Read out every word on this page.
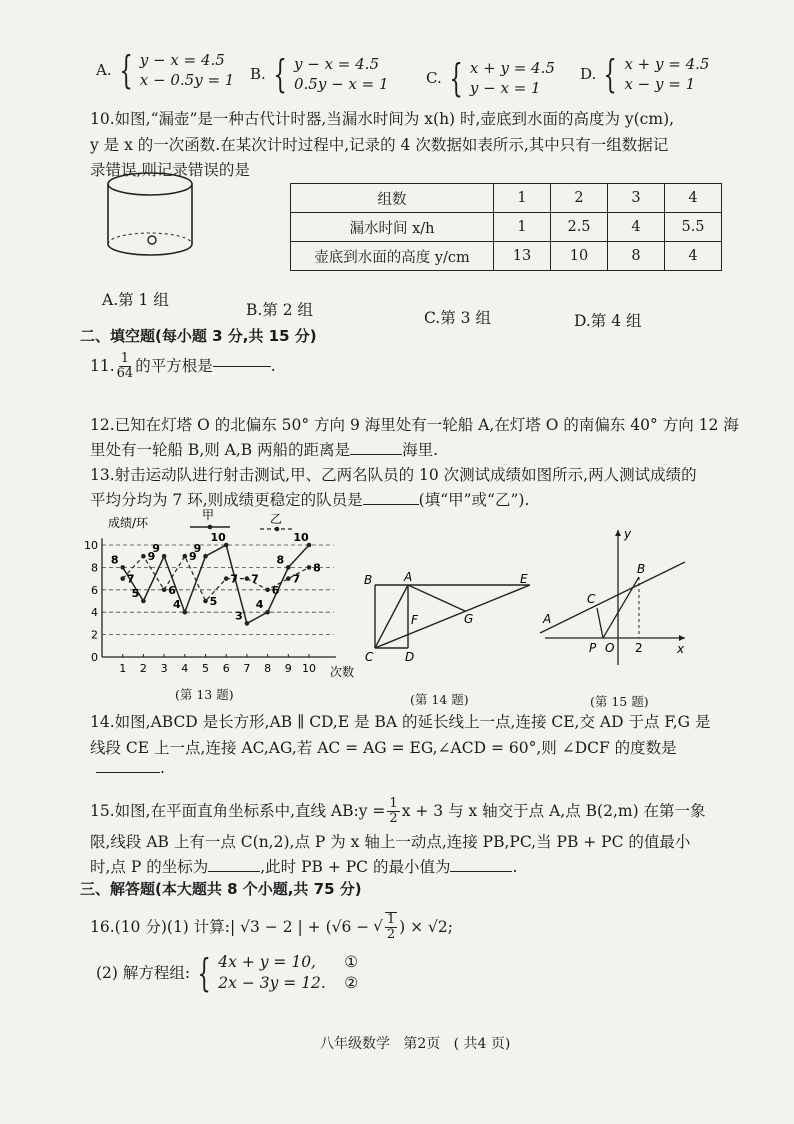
A. { y − x = 4.5
x − 0.5y = 1 B. { y − x = 4.5
0.5y − x = 1 C. { x + y = 4.5
y − x = 1
D. { x + y = 4.5
x − y = 1
10.如图,“漏壶”是一种古代计时器,当漏水时间为 x(h) 时,壶底到水面的高度为 y(cm),
y 是 x 的一次函数.在某次计时过程中,记录的 4 次数据如表所示,其中只有一组数据记
录错误,则记录错误的是
组数	1	2	3	4
漏水时间 x/h	1	2.5	4	5.5
壶底到水面的高度 y/cm	13	10	8	4
A.第 1 组
B.第 2 组	C.第 3 组	D.第 4 组
二、填空题(每小题 3 分,共 15 分)
11. $\frac{1}{64}$ 的平方根是	.
12.已知在灯塔 O 的北偏东 50° 方向 9 海里处有一轮船 A,在灯塔 O 的南偏东 40° 方向 12 海
里处有一轮船 B,则 A,B 两船的距离是	海里.
13.射击运动队进行射击测试,甲、乙两名队员的 10 次测试成绩如图所示,两人测试成绩的
平均分均为 7 环,则成绩更稳定的队员是	(填“甲”或“乙”).
8
5
9
4
9
10
3
4
8
10
7
9
6
9
5
7 7
6
7
8
0
2
4
6
8
10
1 2 3 4 5 6 7 8 9 10
成绩/环
次数
甲	乙
(第 13 题)
B	A	E
F	G
C	D
(第 14 题)
y
B
C
A
P O 2	x
(第 15 题)
14.如图,ABCD 是长方形,AB ∥ CD,E 是 BA 的延长线上一点,连接 CE,交 AD 于点 F,G 是
线段 CE 上一点,连接 AC,AG,若 AC = AG = EG,∠ACD = 60°,则 ∠DCF 的度数是
.
15.如图,在平面直角坐标系中,直线 AB:y = $\frac{1}{2}$ x + 3 与 x 轴交于点 A,点 B(2,m) 在第一象
限,线段 AB 上有一点 C(n,2),点 P 为 x 轴上一动点,连接 PB,PC,当 PB + PC 的值最小
时,点 P 的坐标为	,此时 PB + PC 的最小值为	.
三、解答题(本大题共 8 个小题,共 75 分)
16.(10 分)(1) 计算:| √3 − 2 | + (√6 − √ $\frac{1}{2}$ ) × √2;
(2) 解方程组: { 4x + y = 10,	①
2x − 3y = 12.	②
八年级数学   第2页   ( 共4 页)
